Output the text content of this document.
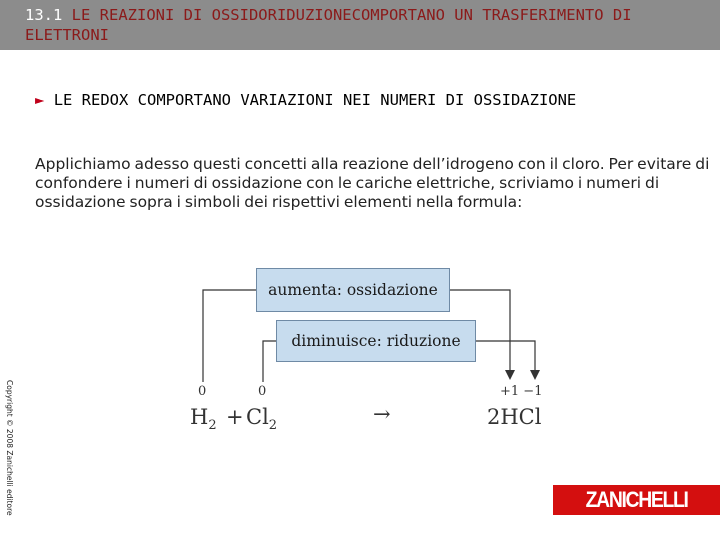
13.1 LE REAZIONI DI OSSIDORIDUZIONECOMPORTANO UN TRASFERIMENTO DI ELETTRONI
► LE REDOX COMPORTANO VARIAZIONI NEI NUMERI DI OSSIDAZIONE

Applichiamo adesso questi concetti alla reazione dell’idrogeno con il cloro. Per evitare di confondere i numeri di ossidazione con le cariche elettriche, scriviamo i numeri di ossidazione sopra i simboli dei rispettivi elementi nella formula:

aumenta: ossidazione
diminuisce: riduzione
0	0	+1 −1
$H_2 + Cl_2$	→	2HCl
Copyright © 2008 Zanichelli editore	ZANICHELLI
